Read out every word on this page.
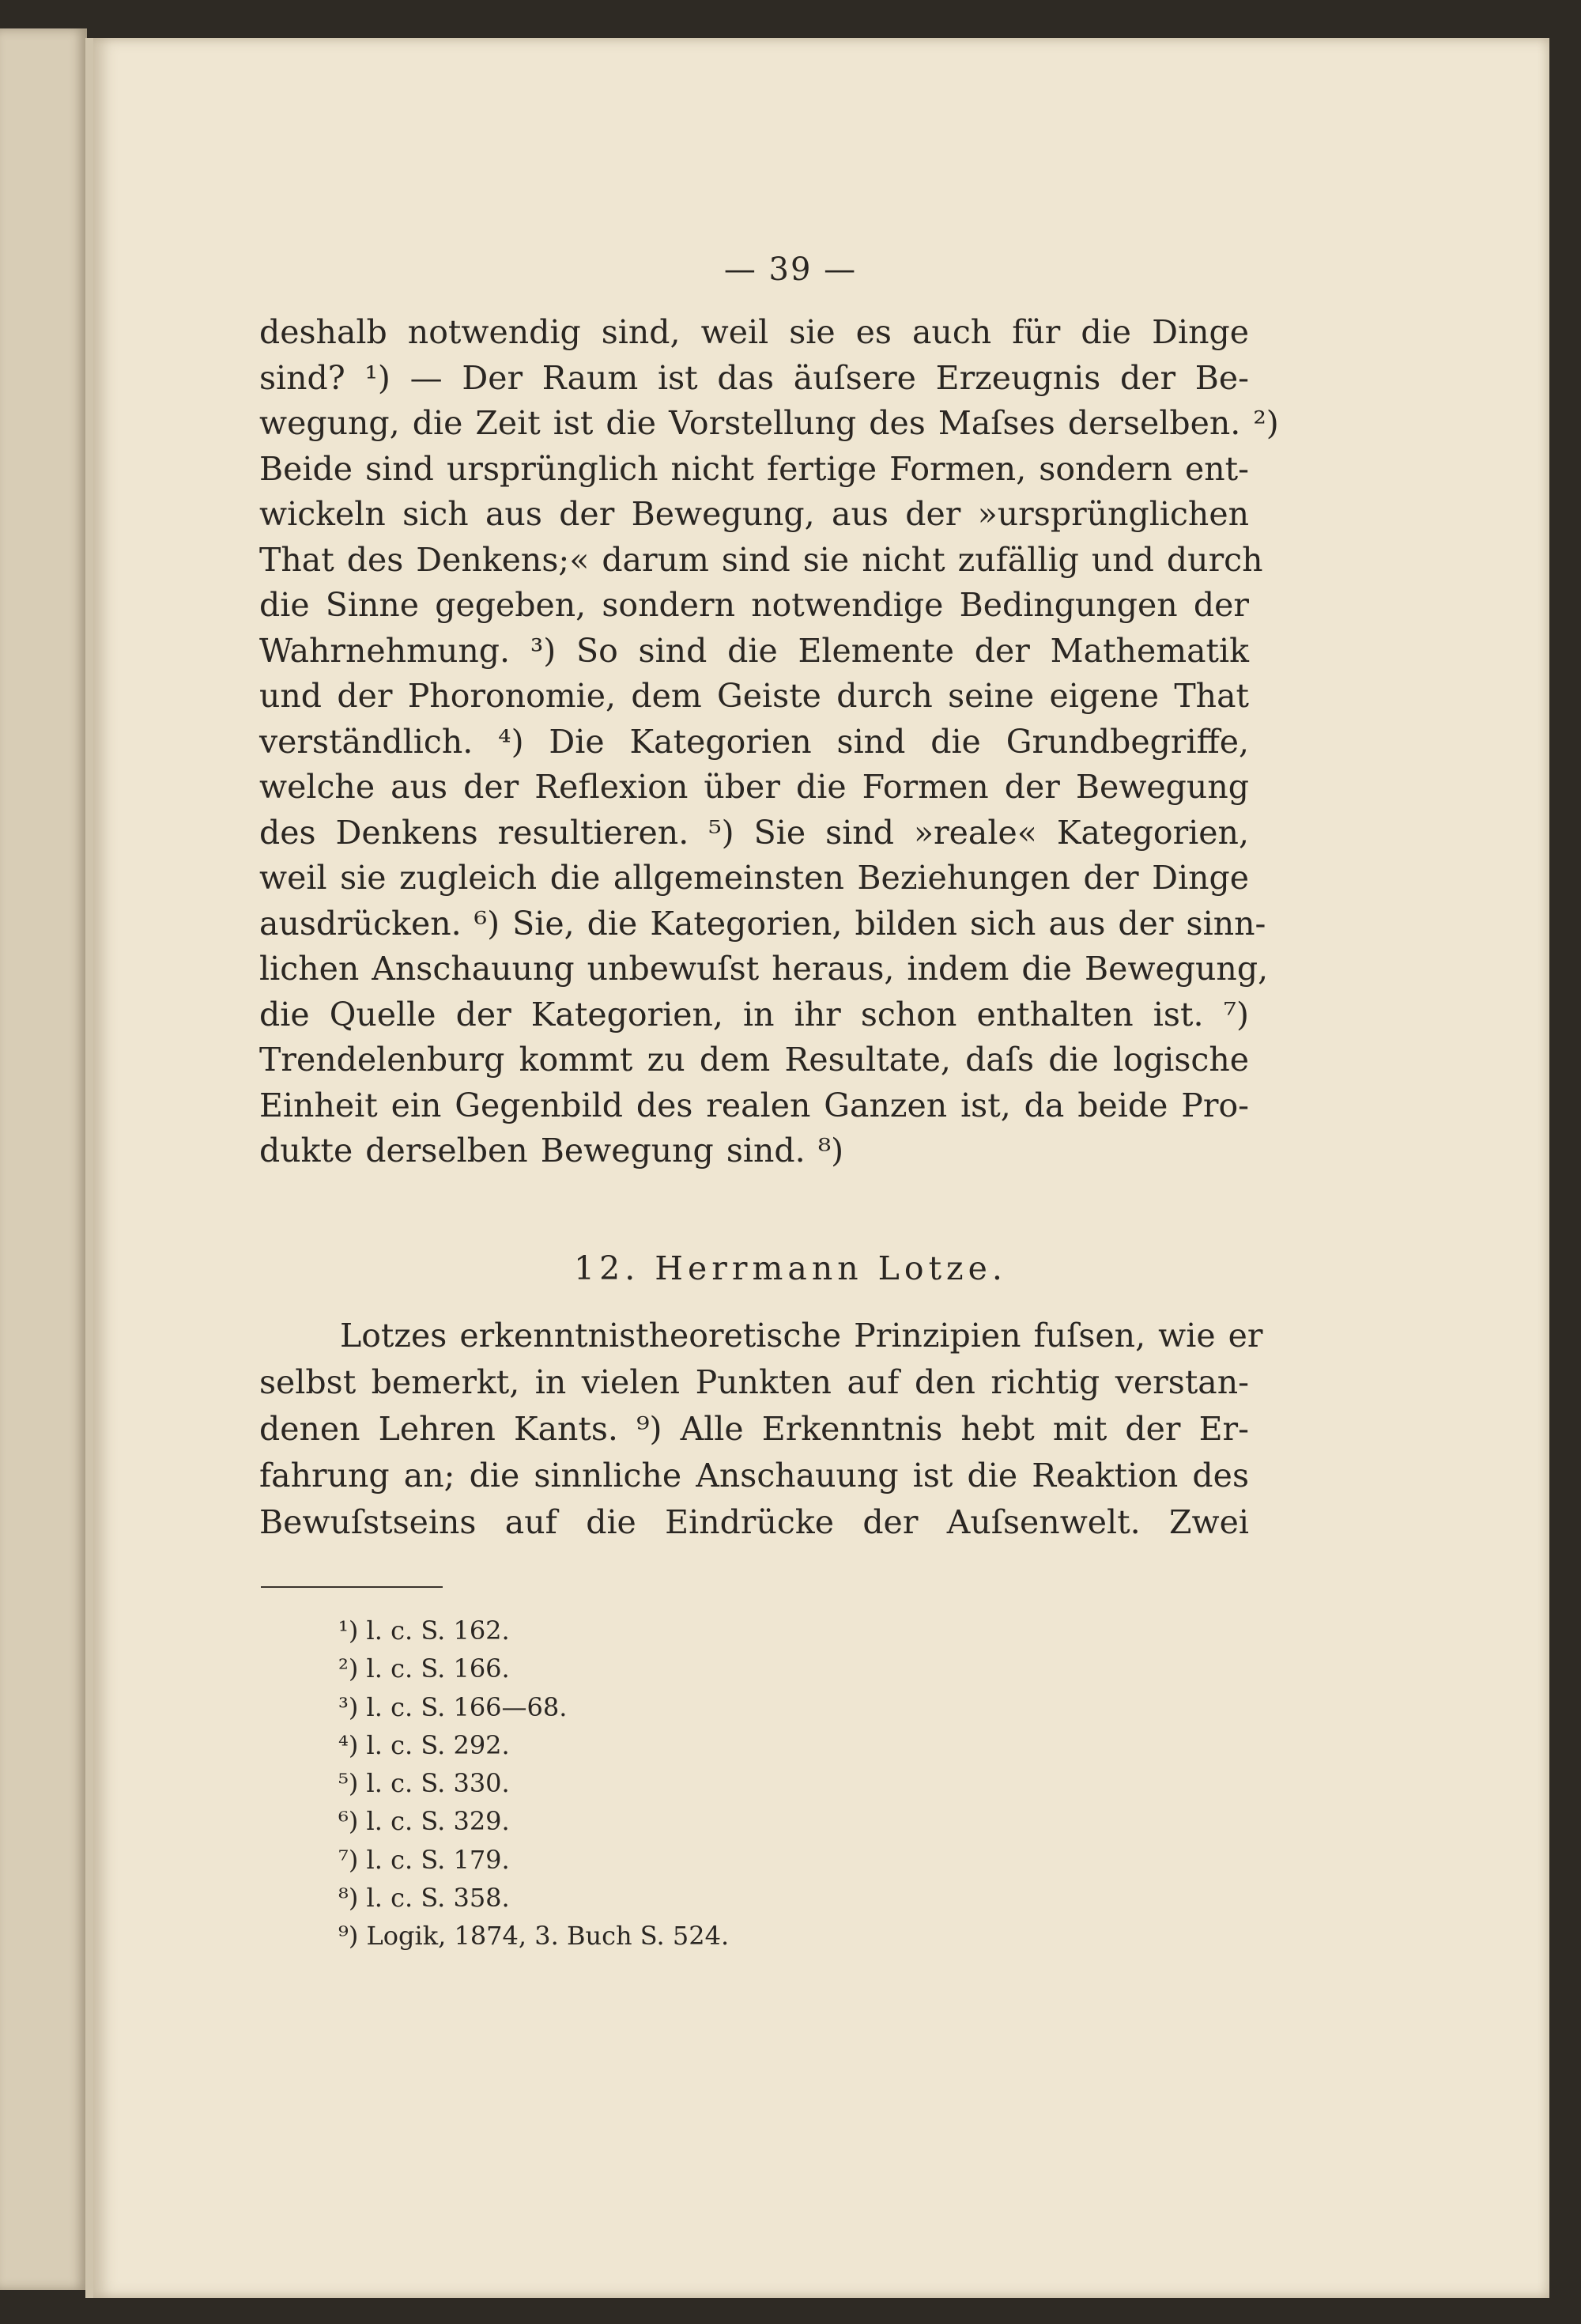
— 39 —
deshalb notwendig sind, weil sie es auch für die Dinge
sind? ¹) — Der Raum ist das äuſsere Erzeugnis der Be-
wegung, die Zeit ist die Vorstellung des Maſses derselben. ²)
Beide sind ursprünglich nicht fertige Formen, sondern ent-
wickeln sich aus der Bewegung, aus der »ursprünglichen
That des Denkens;« darum sind sie nicht zufällig und durch
die Sinne gegeben, sondern notwendige Bedingungen der
Wahrnehmung. ³) So sind die Elemente der Mathematik
und der Phoronomie, dem Geiste durch seine eigene That
verständlich. ⁴) Die Kategorien sind die Grundbegriffe,
welche aus der Reflexion über die Formen der Bewegung
des Denkens resultieren. ⁵) Sie sind »reale« Kategorien,
weil sie zugleich die allgemeinsten Beziehungen der Dinge
ausdrücken. ⁶) Sie, die Kategorien, bilden sich aus der sinn-
lichen Anschauung unbewuſst heraus, indem die Bewegung,
die Quelle der Kategorien, in ihr schon enthalten ist. ⁷)
Trendelenburg kommt zu dem Resultate, daſs die logische
Einheit ein Gegenbild des realen Ganzen ist, da beide Pro-
dukte derselben Bewegung sind. ⁸)
12. Herrmann Lotze.
Lotzes erkenntnistheoretische Prinzipien fuſsen, wie er
selbst bemerkt, in vielen Punkten auf den richtig verstan-
denen Lehren Kants. ⁹) Alle Erkenntnis hebt mit der Er-
fahrung an; die sinnliche Anschauung ist die Reaktion des
Bewuſstseins auf die Eindrücke der Auſsenwelt. Zwei
¹) l. c. S. 162.
²) l. c. S. 166.
³) l. c. S. 166—68.
⁴) l. c. S. 292.
⁵) l. c. S. 330.
⁶) l. c. S. 329.
⁷) l. c. S. 179.
⁸) l. c. S. 358.
⁹) Logik, 1874, 3. Buch S. 524.
